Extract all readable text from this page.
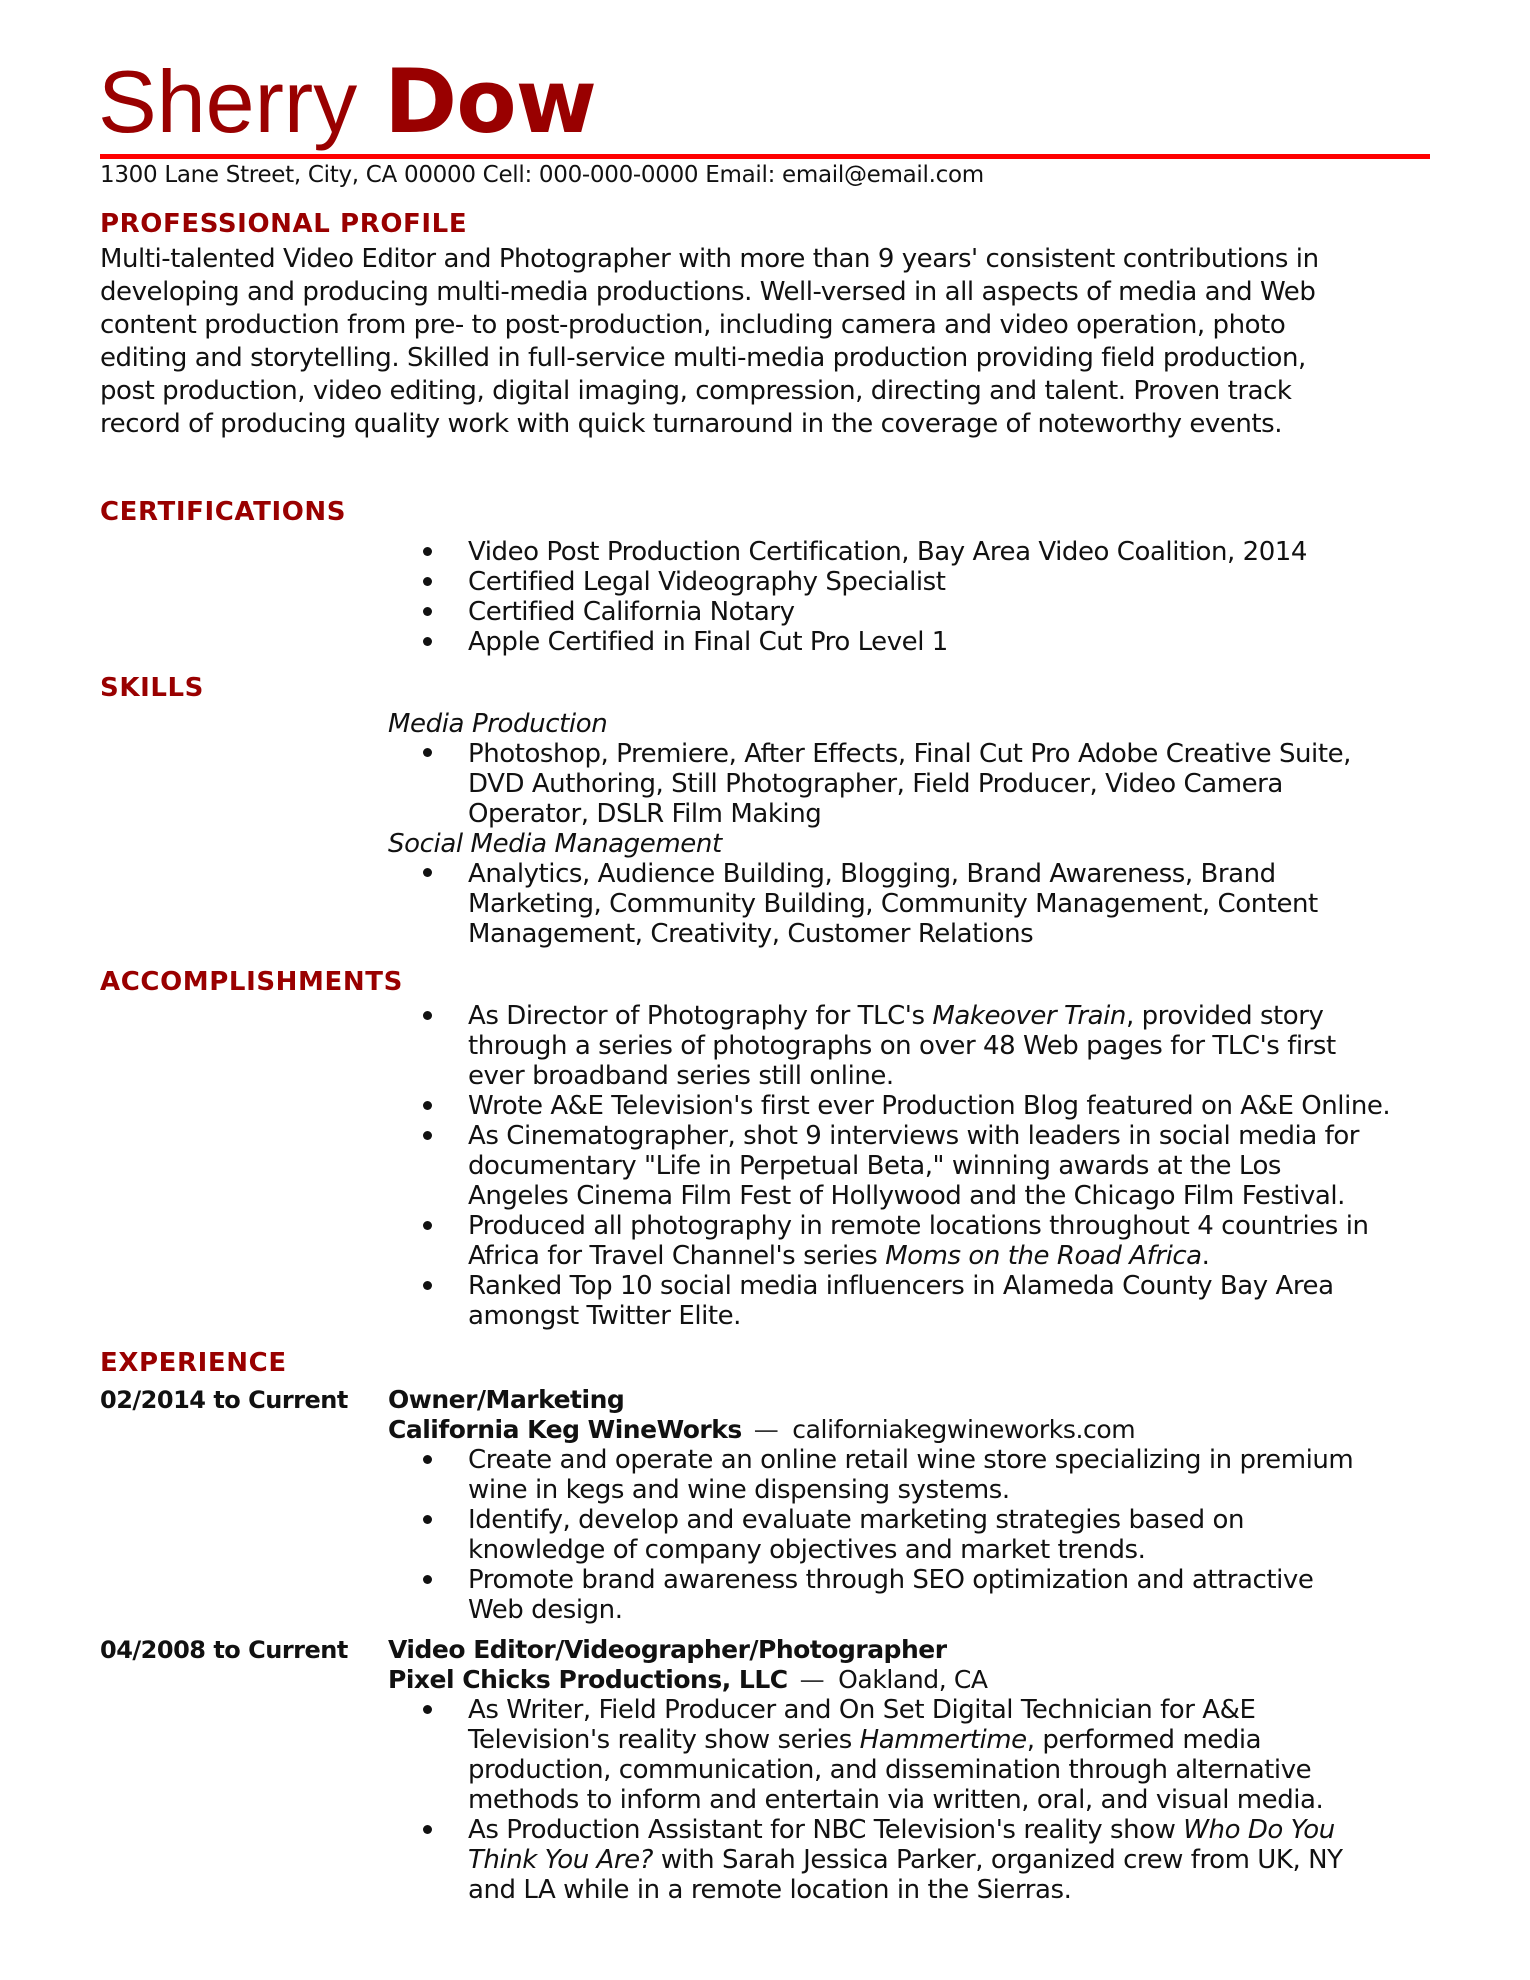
Sherry Dow
1300 Lane Street, City, CA 00000 Cell: 000-000-0000 Email: email@email.com
PROFESSIONAL PROFILE
Multi-talented Video Editor and Photographer with more than 9 years' consistent contributions in
developing and producing multi-media productions. Well-versed in all aspects of media and Web
content production from pre- to post-production, including camera and video operation, photo
editing and storytelling. Skilled in full-service multi-media production providing field production,
post production, video editing, digital imaging, compression, directing and talent. Proven track
record of producing quality work with quick turnaround in the coverage of noteworthy events.
CERTIFICATIONS
Video Post Production Certification, Bay Area Video Coalition, 2014
Certified Legal Videography Specialist
Certified California Notary
Apple Certified in Final Cut Pro Level 1
SKILLS
Media Production
Photoshop, Premiere, After Effects, Final Cut Pro Adobe Creative Suite,
DVD Authoring, Still Photographer, Field Producer, Video Camera
Operator, DSLR Film Making
Social Media Management
Analytics, Audience Building, Blogging, Brand Awareness, Brand
Marketing, Community Building, Community Management, Content
Management, Creativity, Customer Relations
ACCOMPLISHMENTS
As Director of Photography for TLC's Makeover Train, provided story
through a series of photographs on over 48 Web pages for TLC's first
ever broadband series still online.
Wrote A&E Television's first ever Production Blog featured on A&E Online.
As Cinematographer, shot 9 interviews with leaders in social media for
documentary "Life in Perpetual Beta," winning awards at the Los
Angeles Cinema Film Fest of Hollywood and the Chicago Film Festival.
Produced all photography in remote locations throughout 4 countries in
Africa for Travel Channel's series Moms on the Road Africa.
Ranked Top 10 social media influencers in Alameda County Bay Area
amongst Twitter Elite.
EXPERIENCE
02/2014 to Current Owner/Marketing
California Keg WineWorks — californiakegwineworks.com
Create and operate an online retail wine store specializing in premium
wine in kegs and wine dispensing systems.
Identify, develop and evaluate marketing strategies based on
knowledge of company objectives and market trends.
Promote brand awareness through SEO optimization and attractive
Web design.
04/2008 to Current Video Editor/Videographer/Photographer
Pixel Chicks Productions, LLC — Oakland, CA
As Writer, Field Producer and On Set Digital Technician for A&E
Television's reality show series Hammertime, performed media
production, communication, and dissemination through alternative
methods to inform and entertain via written, oral, and visual media.
As Production Assistant for NBC Television's reality show Who Do You
Think You Are? with Sarah Jessica Parker, organized crew from UK, NY
and LA while in a remote location in the Sierras.
